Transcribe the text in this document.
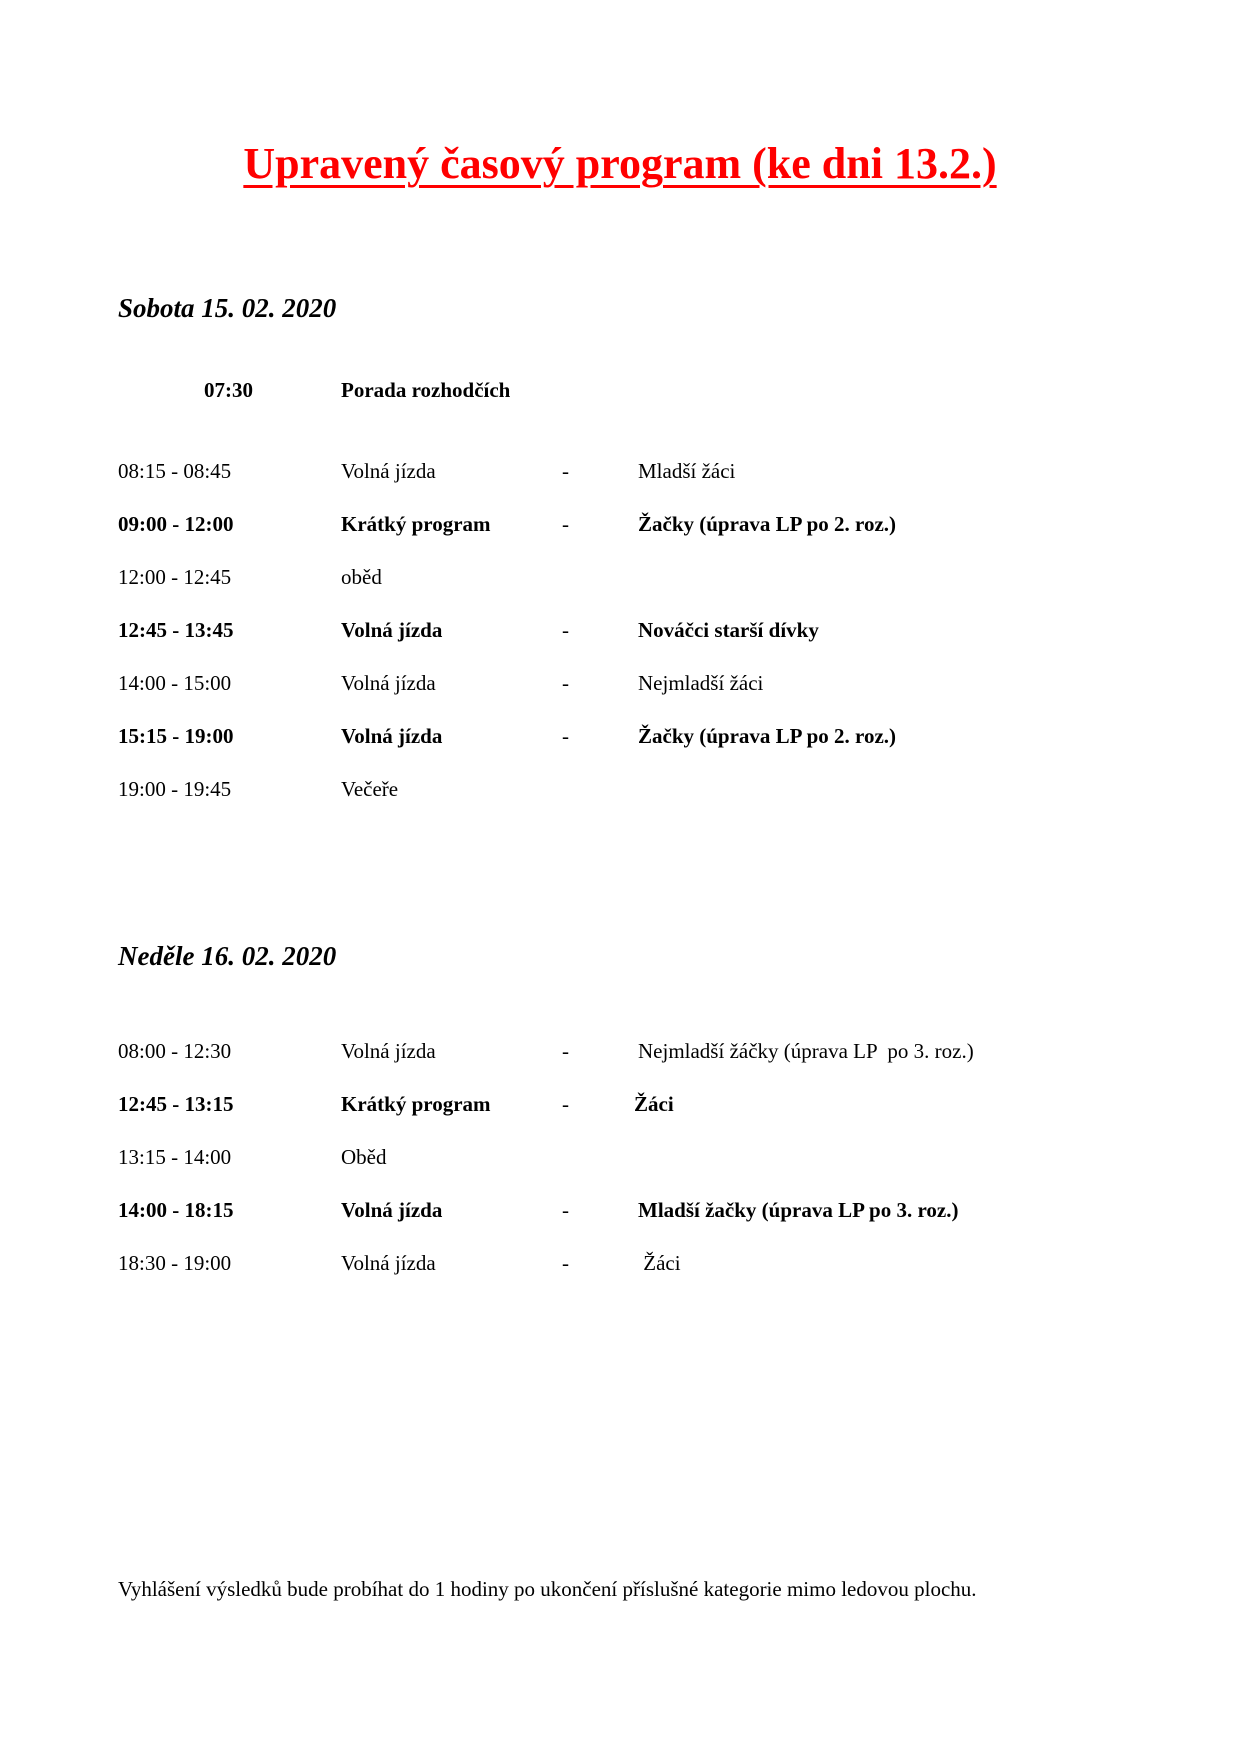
Upravený časový program (ke dni 13.2.)
Sobota 15. 02. 2020
07:30	Porada rozhodčích
08:15 - 08:45	Volná jízda	-	Mladší žáci
09:00 - 12:00	Krátký program	-	Žačky (úprava LP po 2. roz.)
12:00 - 12:45	oběd
12:45 - 13:45	Volná jízda	-	Nováčci starší dívky
14:00 - 15:00	Volná jízda	-	Nejmladší žáci
15:15 - 19:00	Volná jízda	-	Žačky (úprava LP po 2. roz.)
19:00 - 19:45	Večeře
Neděle 16. 02. 2020
08:00 - 12:30	Volná jízda	-	Nejmladší žáčky (úprava LP  po 3. roz.)
12:45 - 13:15	Krátký program	-	Žáci
13:15 - 14:00	Oběd
14:00 - 18:15	Volná jízda	-	Mladší žačky (úprava LP po 3. roz.)
18:30 - 19:00	Volná jízda	-	Žáci

Vyhlášení výsledků bude probíhat do 1 hodiny po ukončení příslušné kategorie mimo ledovou plochu.
